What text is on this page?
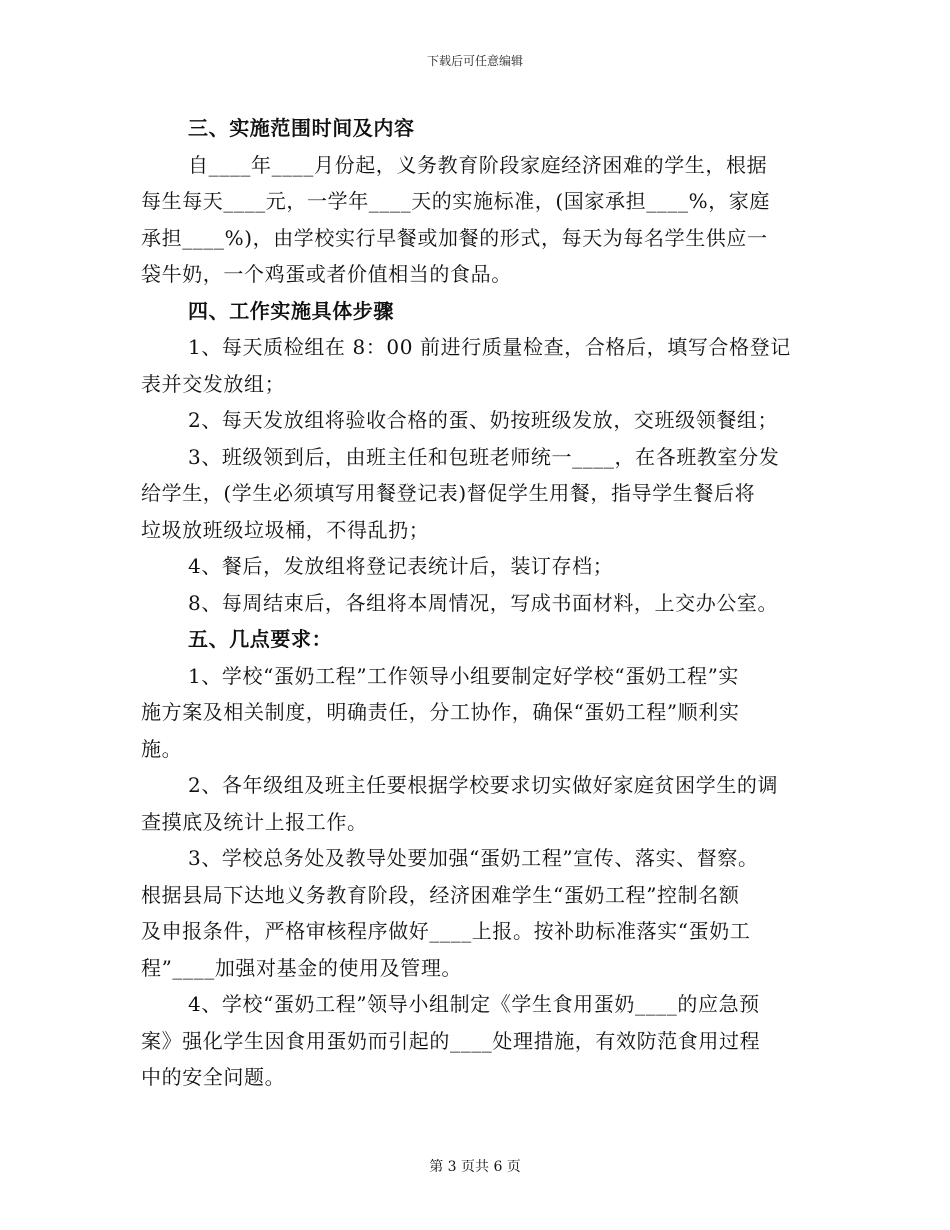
下载后可任意编辑

三、实施范围时间及内容

自____年____月份起，义务教育阶段家庭经济困难的学生，根据

每生每天____元，一学年____天的实施标准，(国家承担____%，家庭

承担____%)，由学校实行早餐或加餐的形式，每天为每名学生供应一

袋牛奶，一个鸡蛋或者价值相当的食品。

四、工作实施具体步骤

1、每天质检组在 8：00 前进行质量检查，合格后，填写合格登记

表并交发放组；

2、每天发放组将验收合格的蛋、奶按班级发放，交班级领餐组；

3、班级领到后，由班主任和包班老师统一____，在各班教室分发

给学生，(学生必须填写用餐登记表)督促学生用餐，指导学生餐后将

垃圾放班级垃圾桶，不得乱扔；

4、餐后，发放组将登记表统计后，装订存档；

8、每周结束后，各组将本周情况，写成书面材料，上交办公室。

五、几点要求：

1、学校“蛋奶工程”工作领导小组要制定好学校“蛋奶工程”实

施方案及相关制度，明确责任，分工协作，确保“蛋奶工程”顺利实

施。

2、各年级组及班主任要根据学校要求切实做好家庭贫困学生的调

查摸底及统计上报工作。

3、学校总务处及教导处要加强“蛋奶工程”宣传、落实、督察。

根据县局下达地义务教育阶段，经济困难学生“蛋奶工程”控制名额

及申报条件，严格审核程序做好____上报。按补助标准落实“蛋奶工

程”____加强对基金的使用及管理。

4、学校“蛋奶工程”领导小组制定《学生食用蛋奶____的应急预

案》强化学生因食用蛋奶而引起的____处理措施，有效防范食用过程

中的安全问题。

第 3 页共 6 页
